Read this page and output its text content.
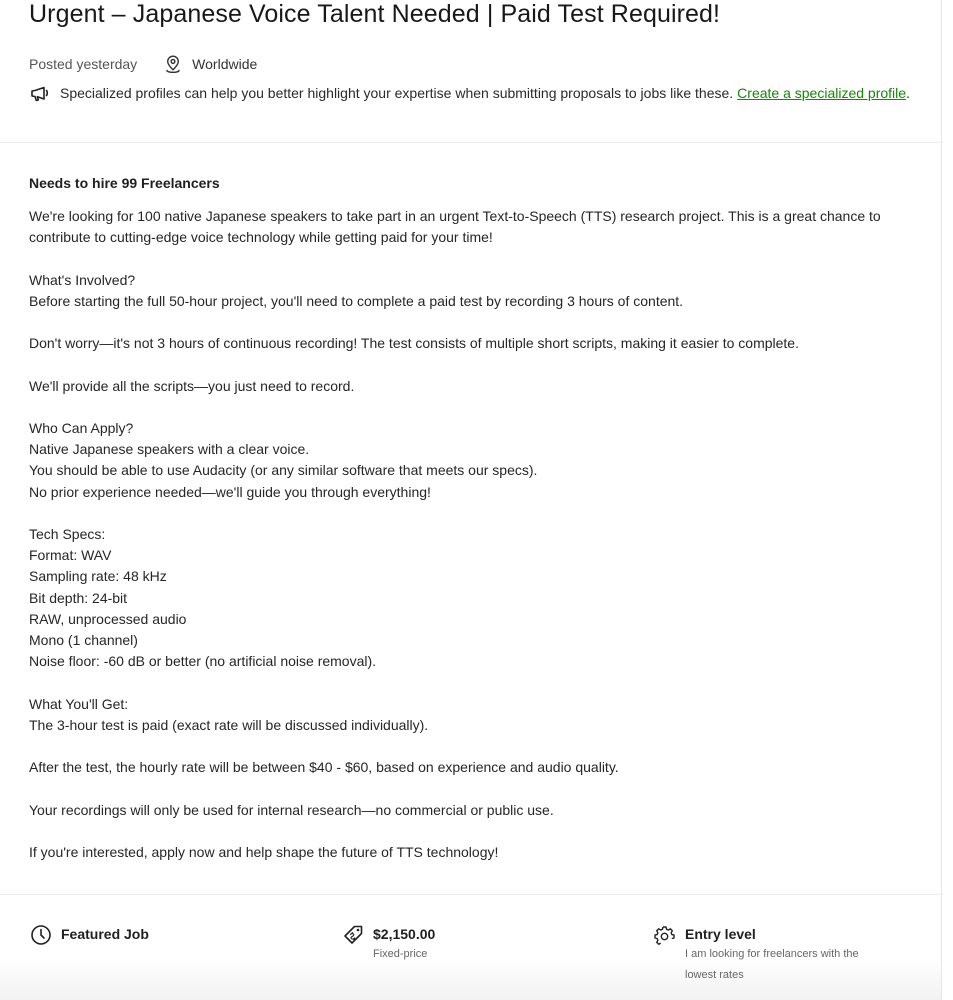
Urgent – Japanese Voice Talent Needed | Paid Test Required!
Posted yesterday	Worldwide
Specialized profiles can help you better highlight your expertise when submitting proposals to jobs like these. Create a specialized profile .
Needs to hire 99 Freelancers

We're looking for 100 native Japanese speakers to take part in an urgent Text-to-Speech (TTS) research project. This is a great chance to contribute to cutting-edge voice technology while getting paid for your time!

What's Involved?

Before starting the full 50-hour project, you'll need to complete a paid test by recording 3 hours of content.

Don't worry—it's not 3 hours of continuous recording! The test consists of multiple short scripts, making it easier to complete.

We'll provide all the scripts—you just need to record.

Who Can Apply?

Native Japanese speakers with a clear voice.

You should be able to use Audacity (or any similar software that meets our specs).

No prior experience needed—we'll guide you through everything!

Tech Specs:

Format: WAV

Sampling rate: 48 kHz

Bit depth: 24-bit

RAW, unprocessed audio

Mono (1 channel)

Noise floor: -60 dB or better (no artificial noise removal).

What You'll Get:

The 3-hour test is paid (exact rate will be discussed individually).

After the test, the hourly rate will be between $40 - $60, based on experience and audio quality.

Your recordings will only be used for internal research—no commercial or public use.

If you're interested, apply now and help shape the future of TTS technology!

Featured Job	$2,150.00
Fixed-price
Entry level
I am looking for freelancers with the lowest rates
